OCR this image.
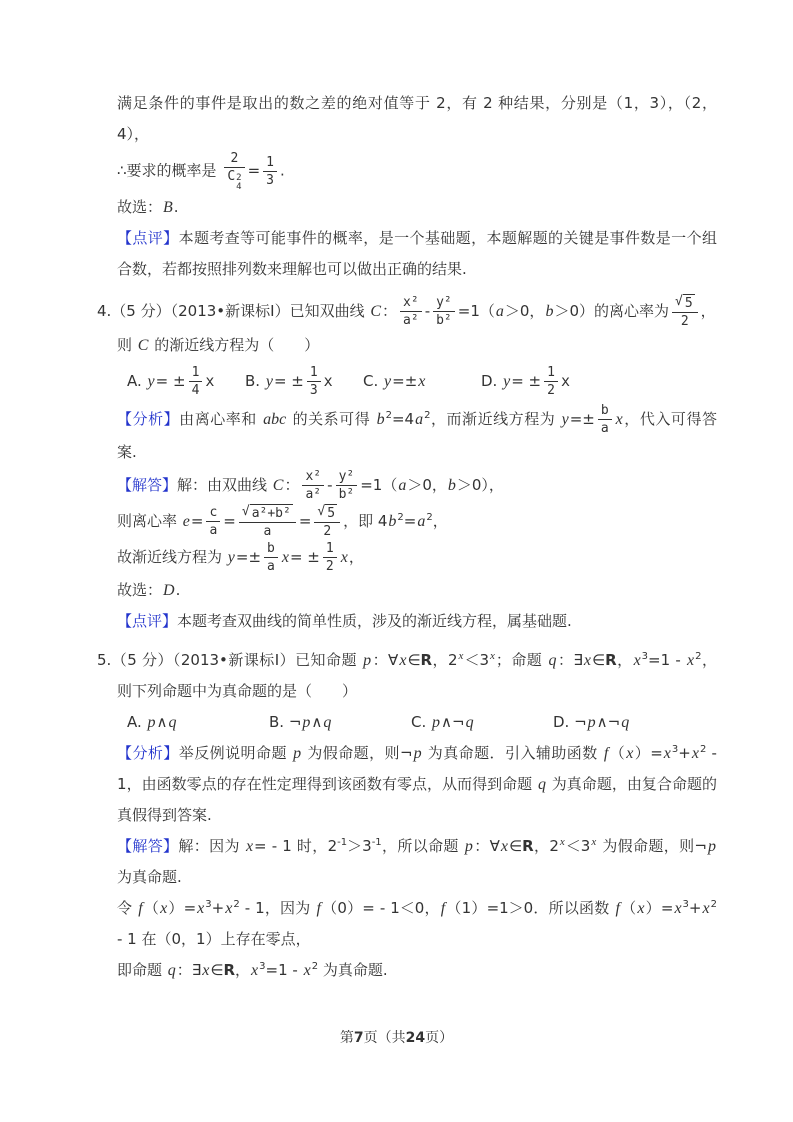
满足条件的事件是取出的数之差的绝对值等于 2，有 2 种结果，分别是（1，3），（2，4），

∴要求的概率是 2
C 2
$4 = \frac{1}{3}$ .

故选：B.

【点评】本题考查等可能事件的概率，是一个基础题，本题解题的关键是事件数是一个组合数，若都按照排列数来理解也可以做出正确的结果.

4.（5 分）（2013•新课标Ⅰ）已知双曲线 C： $\frac{\text{x²}}{\text{a²}} - \frac{\text{y²}}{\text{b²}} =1(a>0$，b＞0）的离心率为 $\frac{√ 5}{2}$ ，

则 C 的渐近线方程为（　　）

A. $y= \pm \frac{1}{4}$ x	B. $y= \pm \frac{1}{3}$ x	C. y=±x	D. $y= \pm \frac{1}{2}$ x

【分析】由离心率和 abc 的关系可得 $b^2=4a^2$，而渐近线方程为 $y=\pm \frac{b}{a}$ x，代入可得答案.

【解答】解：由双曲线 C： $\frac{\text{x²}}{\text{a²}} - \frac{\text{y²}}{\text{b²}} =1(a>0$，b＞0），

则离心率 $e= \frac{c}{a} = \frac{\text{√ a²+b²}}{a} = \frac{√ 5}{2}$ ，即 $4b^2=a^2$，

故渐近线方程为 $y=\pm \frac{b}{a} x= \pm \frac{1}{2}$ x，

故选：D.

【点评】本题考查双曲线的简单性质，涉及的渐近线方程，属基础题.

5.（5 分）（2013•新课标Ⅰ）已知命题 p：∀x∈R，$2^x<3^x$；命题 q：∃x∈R，$x^3=1 - x^2$，则下列命题中为真命题的是（　　）

A. p∧q	B. ¬p∧q	C. p∧¬q	D. ¬p∧¬q

【分析】举反例说明命题 p 为假命题，则¬p 为真命题．引入辅助函数 $f(x)=x^3+x^2 - 1$，由函数零点的存在性定理得到该函数有零点，从而得到命题 q 为真命题，由复合命题的真假得到答案.

【解答】解：因为 x= - 1 时，$2^{-1}>3^{-1}$，所以命题 p：∀x∈R，$2^x<3^x$ 为假命题，则¬p 为真命题.

令 $f(x)=x^3+x^2 - 1$，因为 f（0）= - 1＜0，f（1）=1＞0．所以函数 $f(x)=x^3+x^2 - 1$ 在（0，1）上存在零点，

即命题 q：∃x∈R，$x^3=1 - x^2$ 为真命题.

第7页（共24页）
